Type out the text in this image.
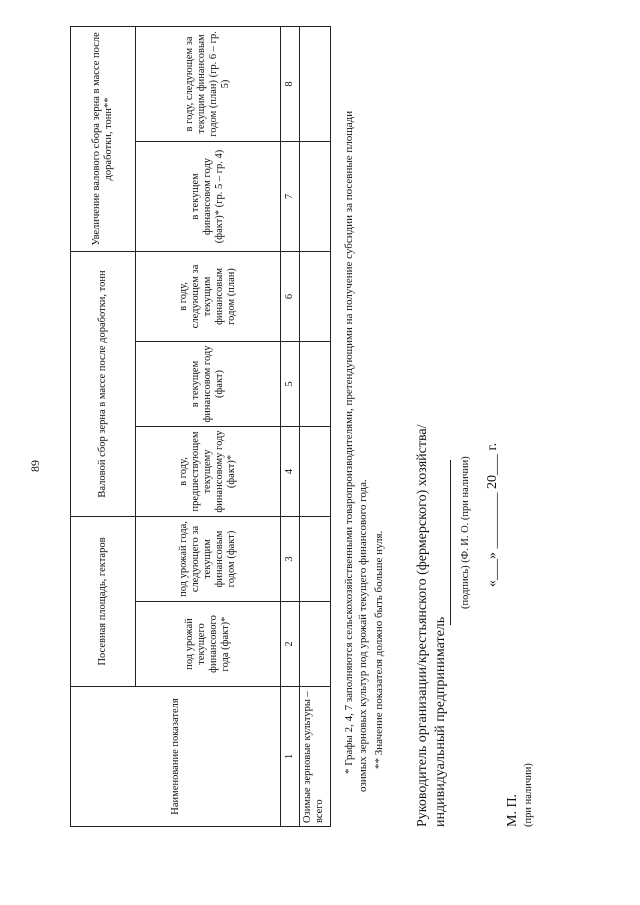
89
Наименование показателя	Посевная площадь, гектаров		Валовой сбор зерна в массе после доработки, тонн			Увеличение валового сбора зерна в массе после доработки, тонн**	
	под урожай текущего финансового года (факт)*	под урожай года, следующего за текущим финансовым годом (факт)	в году, предшествующем текущему финансовому году (факт)*	в текущем финансовом году (факт)	в году, следующем за текущим финансовым годом (план)	в текущем финансовом году (факт)* (гр. 5 – гр. 4)	в году, следующем за текущим финансовым годом (план) (гр. 6 – гр. 5)
1	2	3	4	5	6	7	8
Озимые зерновые культуры – всего							
* Графы 2, 4, 7 заполняются сельскохозяйственными товаропроизводителями, претендующими на получение субсидии за посевные площади озимых зерновых культур под урожай текущего финансового года. ** Значение показателя должно быть больше нуля. Руководитель организации/крестьянского (фермерского) хозяйства/ индивидуальный предприниматель
(подпись) (Ф. И. О. (при наличии) «___» ________ 20___ г.
М. П. (при наличии)
